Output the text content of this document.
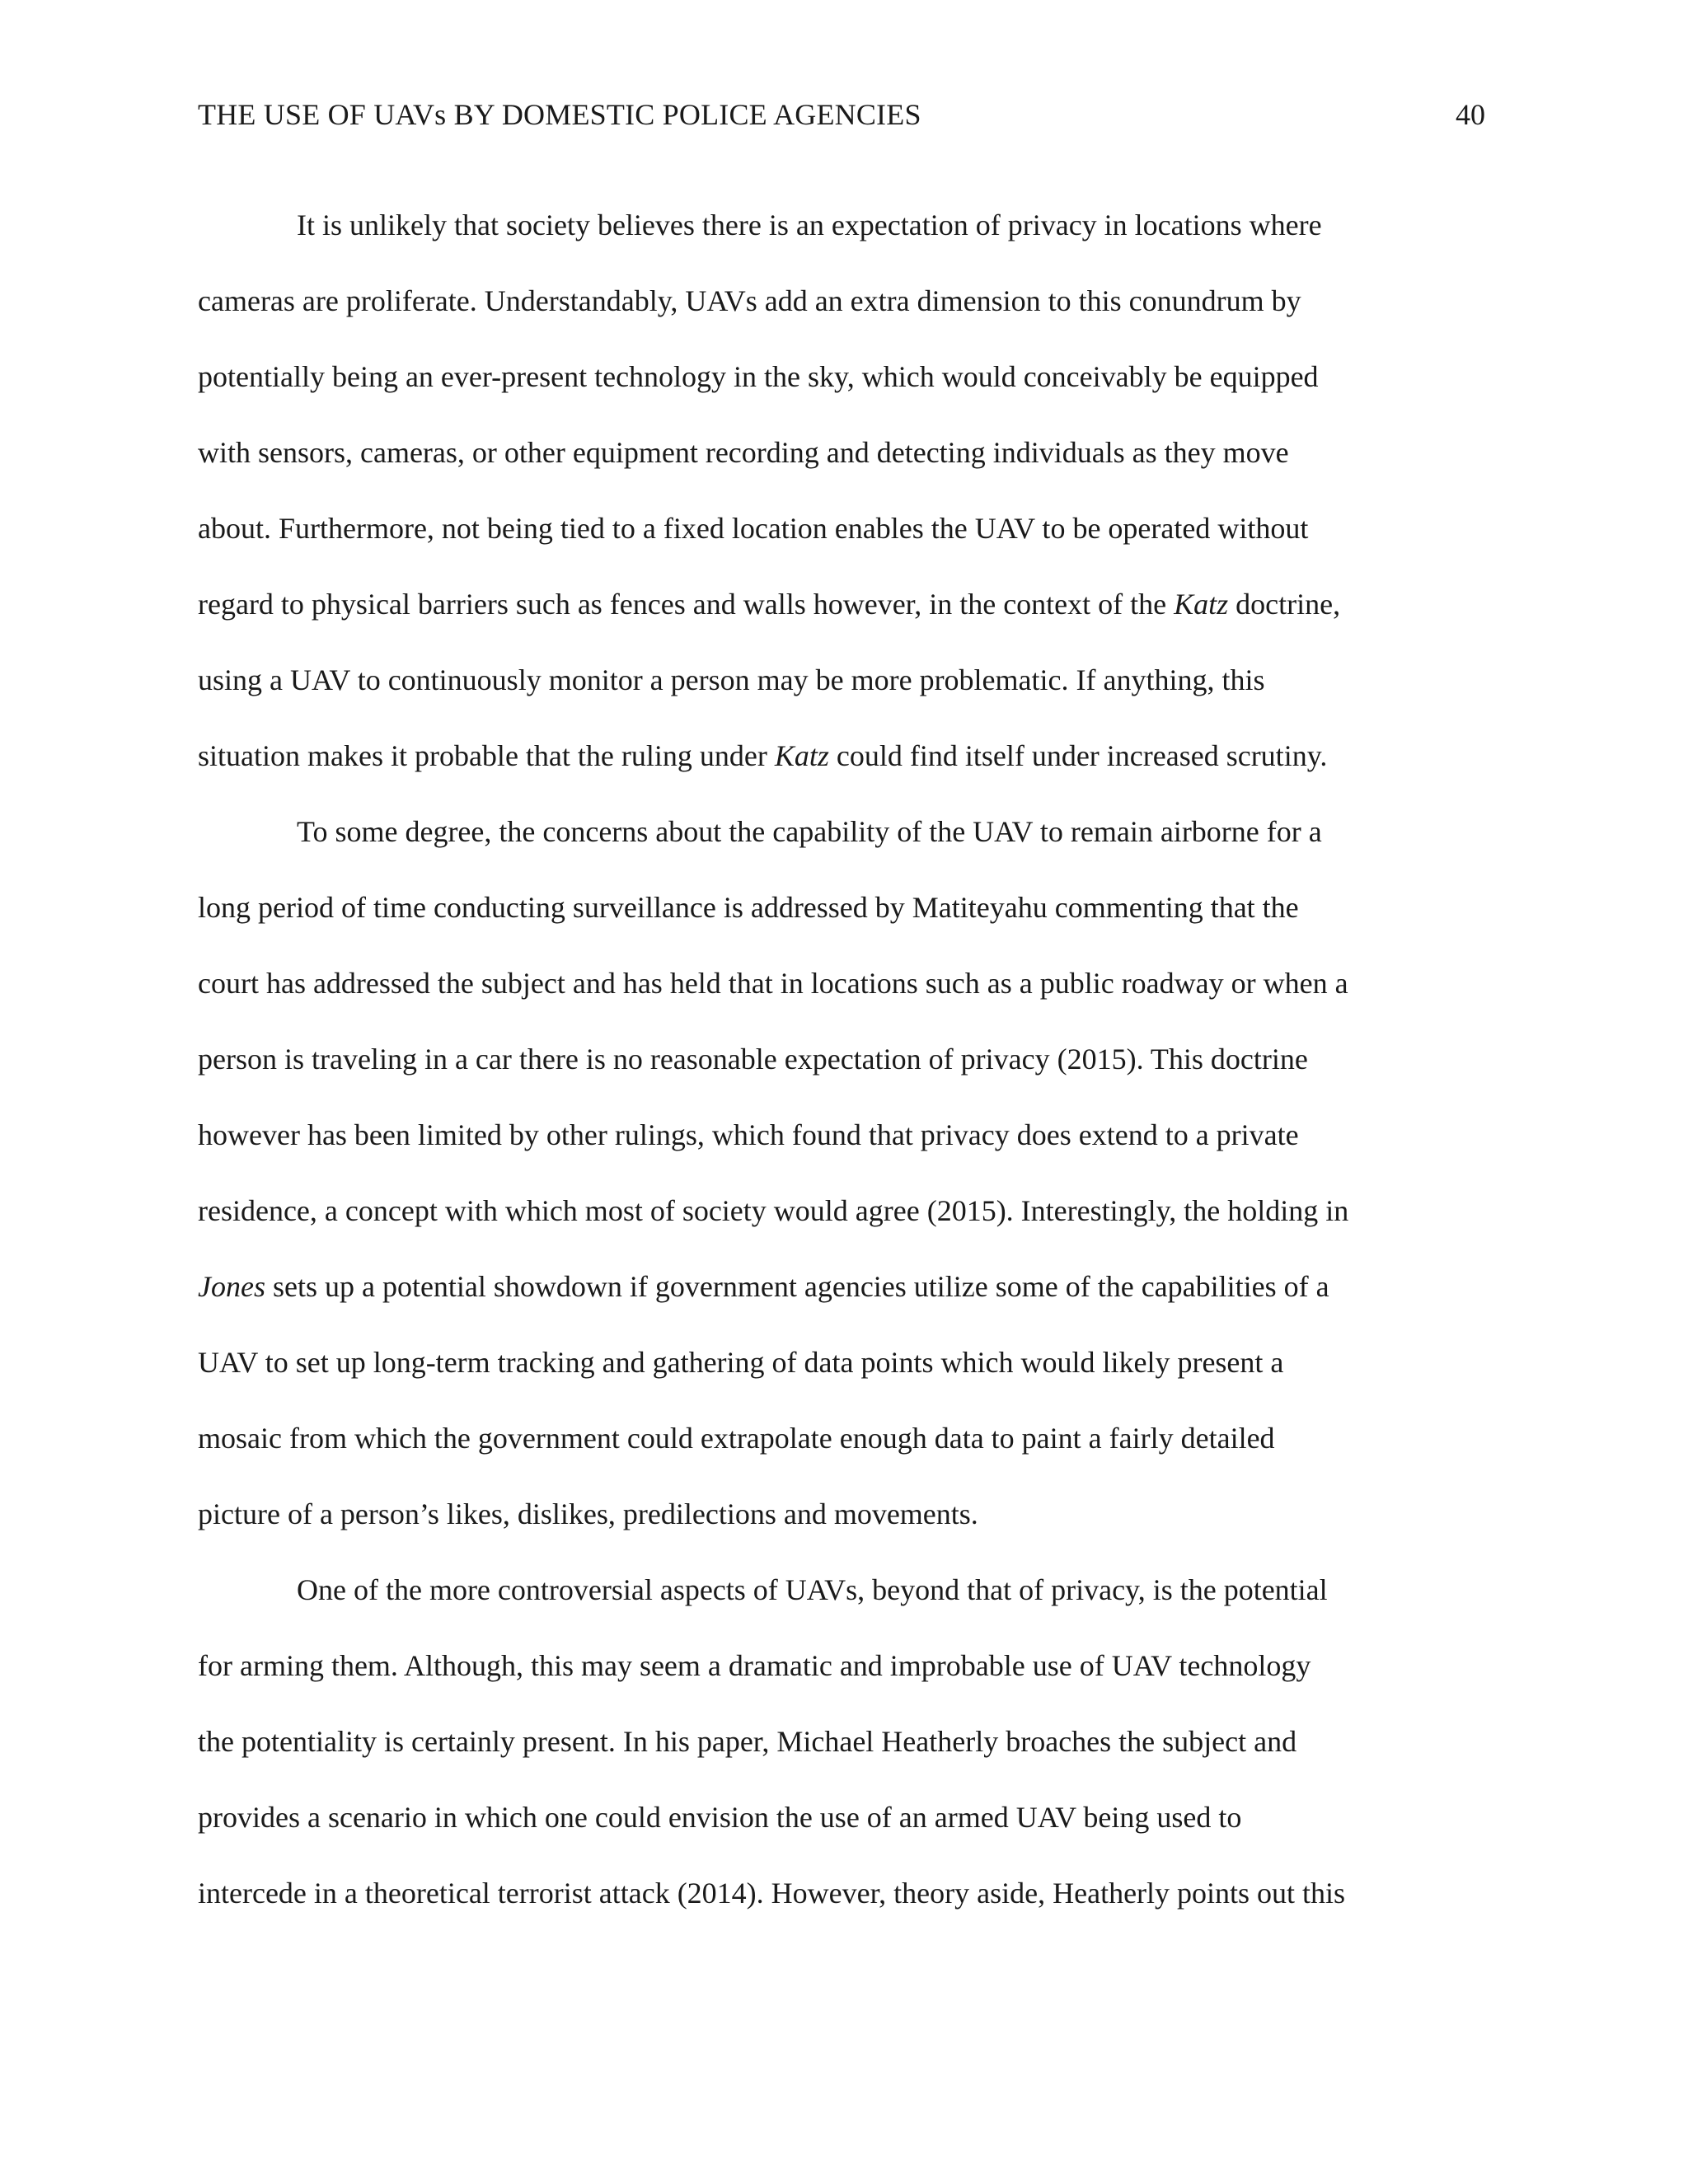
THE USE OF UAVs BY DOMESTIC POLICE AGENCIES	40
It is unlikely that society believes there is an expectation of privacy in locations where
cameras are proliferate. Understandably, UAVs add an extra dimension to this conundrum by
potentially being an ever-present technology in the sky, which would conceivably be equipped
with sensors, cameras, or other equipment recording and detecting individuals as they move
about. Furthermore, not being tied to a fixed location enables the UAV to be operated without
regard to physical barriers such as fences and walls however, in the context of the Katz doctrine,
using a UAV to continuously monitor a person may be more problematic. If anything, this
situation makes it probable that the ruling under Katz could find itself under increased scrutiny.
To some degree, the concerns about the capability of the UAV to remain airborne for a
long period of time conducting surveillance is addressed by Matiteyahu commenting that the
court has addressed the subject and has held that in locations such as a public roadway or when a
person is traveling in a car there is no reasonable expectation of privacy (2015). This doctrine
however has been limited by other rulings, which found that privacy does extend to a private
residence, a concept with which most of society would agree (2015). Interestingly, the holding in
Jones sets up a potential showdown if government agencies utilize some of the capabilities of a
UAV to set up long-term tracking and gathering of data points which would likely present a
mosaic from which the government could extrapolate enough data to paint a fairly detailed
picture of a person’s likes, dislikes, predilections and movements.
One of the more controversial aspects of UAVs, beyond that of privacy, is the potential
for arming them. Although, this may seem a dramatic and improbable use of UAV technology
the potentiality is certainly present. In his paper, Michael Heatherly broaches the subject and
provides a scenario in which one could envision the use of an armed UAV being used to
intercede in a theoretical terrorist attack (2014). However, theory aside, Heatherly points out this
